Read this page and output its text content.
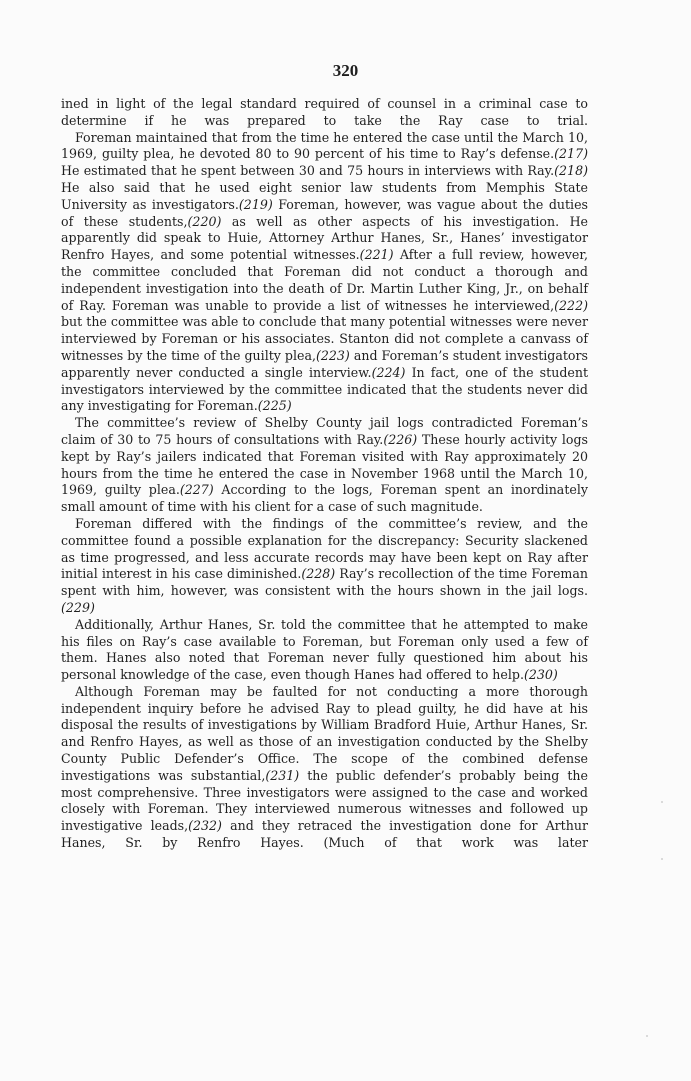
320

ined in light of the legal standard required of counsel in a criminal case to determine if he was prepared to take the Ray case to trial.

Foreman maintained that from the time he entered the case until the March 10, 1969, guilty plea, he devoted 80 to 90 percent of his time to Ray’s defense.(217) He estimated that he spent between 30 and 75 hours in interviews with Ray.(218) He also said that he used eight senior law students from Memphis State University as investigators.(219) Foreman, however, was vague about the duties of these students,(220) as well as other aspects of his investigation. He apparently did speak to Huie, Attorney Arthur Hanes, Sr., Hanes’ investigator Renfro Hayes, and some potential witnesses.(221) After a full review, however, the committee concluded that Foreman did not conduct a thorough and independent investigation into the death of Dr. Martin Luther King, Jr., on behalf of Ray. Foreman was unable to provide a list of witnesses he interviewed,(222) but the committee was able to conclude that many potential witnesses were never interviewed by Foreman or his associates. Stanton did not complete a canvass of witnesses by the time of the guilty plea,(223) and Foreman’s student investigators apparently never conducted a single interview.(224) In fact, one of the student investigators interviewed by the committee indicated that the students never did any investigating for Foreman.(225)

The committee’s review of Shelby County jail logs contradicted Foreman’s claim of 30 to 75 hours of consultations with Ray.(226) These hourly activity logs kept by Ray’s jailers indicated that Foreman visited with Ray approximately 20 hours from the time he entered the case in November 1968 until the March 10, 1969, guilty plea.(227) According to the logs, Foreman spent an inordinately small amount of time with his client for a case of such magnitude.

Foreman differed with the findings of the committee’s review, and the committee found a possible explanation for the discrepancy: Security slackened as time progressed, and less accurate records may have been kept on Ray after initial interest in his case diminished.(228) Ray’s recollection of the time Foreman spent with him, however, was consistent with the hours shown in the jail logs.(229)

Additionally, Arthur Hanes, Sr. told the committee that he attempted to make his files on Ray’s case available to Foreman, but Foreman only used a few of them. Hanes also noted that Foreman never fully questioned him about his personal knowledge of the case, even though Hanes had offered to help.(230)

Although Foreman may be faulted for not conducting a more thorough independent inquiry before he advised Ray to plead guilty, he did have at his disposal the results of investigations by William Bradford Huie, Arthur Hanes, Sr. and Renfro Hayes, as well as those of an investigation conducted by the Shelby County Public Defender’s Office. The scope of the combined defense investigations was substantial,(231) the public defender’s probably being the most comprehensive. Three investigators were assigned to the case and worked closely with Foreman. They interviewed numerous witnesses and followed up investigative leads,(232) and they retraced the investigation done for Arthur Hanes, Sr. by Renfro Hayes. (Much of that work was later
